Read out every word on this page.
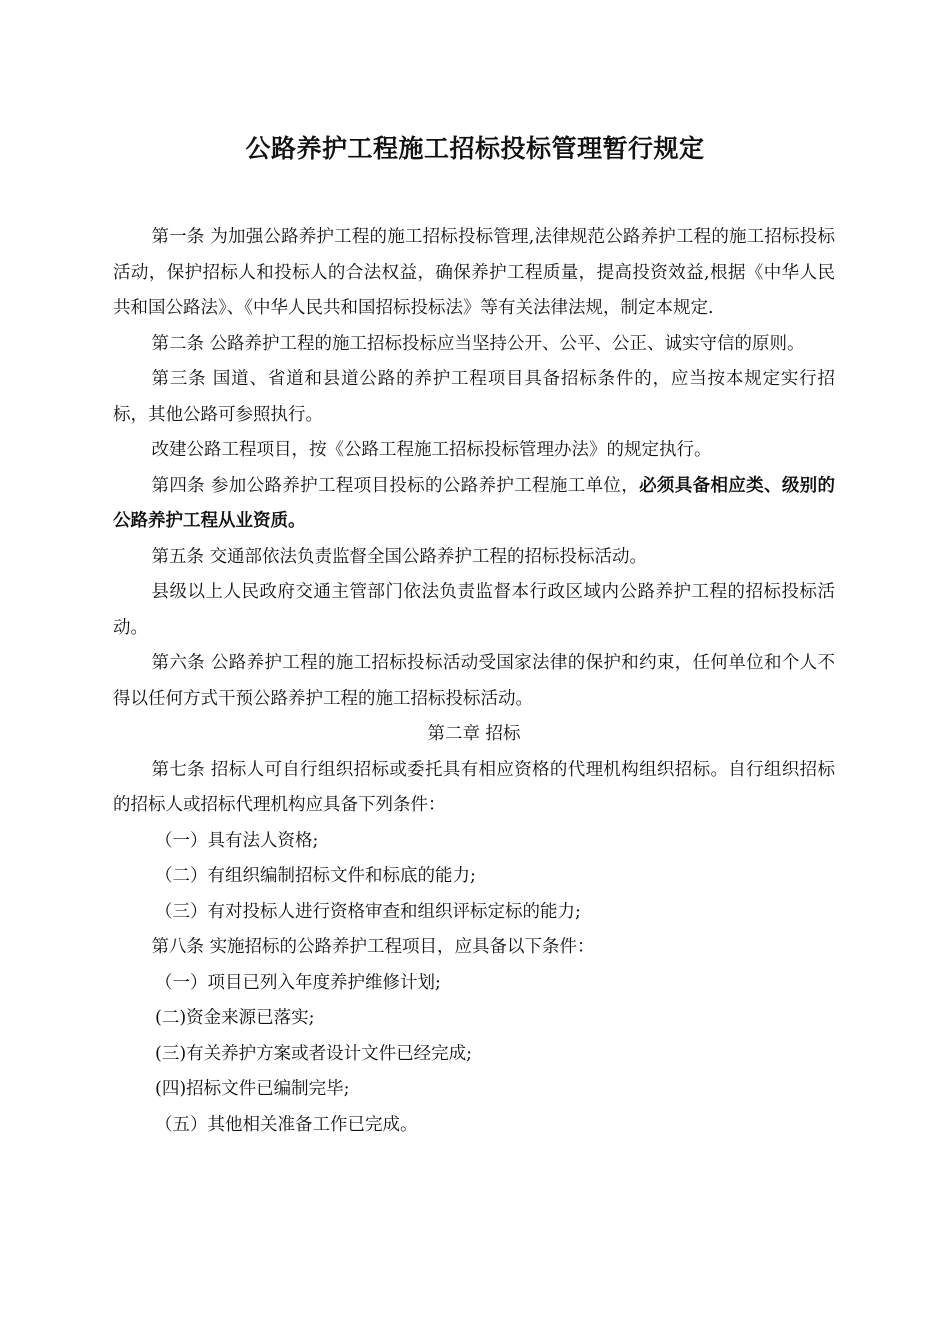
公路养护工程施工招标投标管理暂行规定

第一条 为加强公路养护工程的施工招标投标管理,法律规范公路养护工程的施工招标投标活动，保护招标人和投标人的合法权益，确保养护工程质量，提高投资效益,根据《中华人民共和国公路法》、《中华人民共和国招标投标法》等有关法律法规，制定本规定.

第二条 公路养护工程的施工招标投标应当坚持公开、公平、公正、诚实守信的原则。

第三条 国道、省道和县道公路的养护工程项目具备招标条件的，应当按本规定实行招标，其他公路可参照执行。

改建公路工程项目，按《公路工程施工招标投标管理办法》的规定执行。

第四条 参加公路养护工程项目投标的公路养护工程施工单位，必须具备相应类、级别的公路养护工程从业资质。

第五条 交通部依法负责监督全国公路养护工程的招标投标活动。

县级以上人民政府交通主管部门依法负责监督本行政区域内公路养护工程的招标投标活动。

第六条 公路养护工程的施工招标投标活动受国家法律的保护和约束，任何单位和个人不得以任何方式干预公路养护工程的施工招标投标活动。

第二章 招标

第七条 招标人可自行组织招标或委托具有相应资格的代理机构组织招标。自行组织招标的招标人或招标代理机构应具备下列条件：

（一）具有法人资格;

（二）有组织编制招标文件和标底的能力;

（三）有对投标人进行资格审查和组织评标定标的能力;

第八条 实施招标的公路养护工程项目，应具备以下条件：

（一）项目已列入年度养护维修计划;

(二)资金来源已落实;

(三)有关养护方案或者设计文件已经完成;

(四)招标文件已编制完毕;

（五）其他相关准备工作已完成。
